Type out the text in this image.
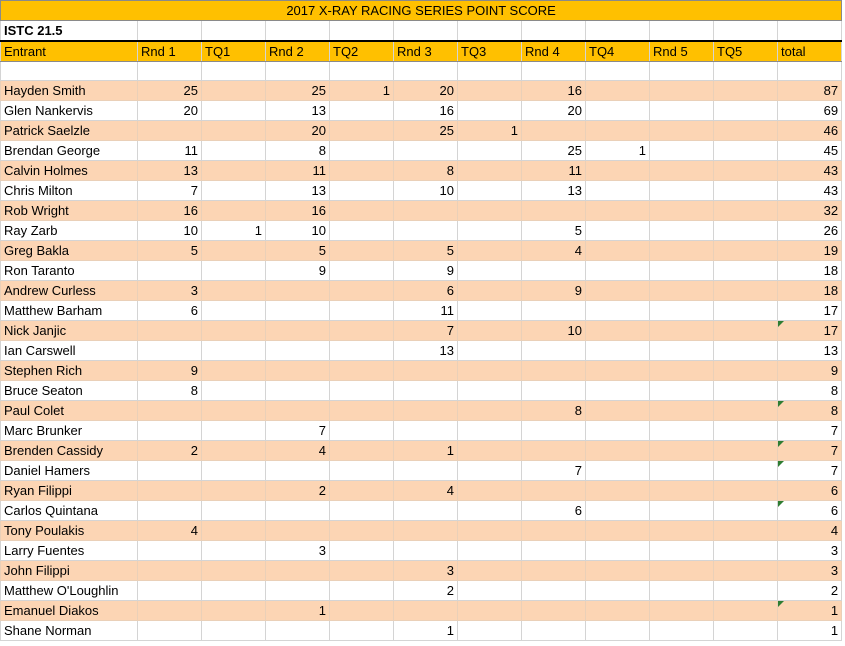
2017 X-RAY RACING SERIES POINT SCORE											
ISTC 21.5											
Entrant	Rnd 1	TQ1	Rnd 2	TQ2	Rnd 3	TQ3	Rnd 4	TQ4	Rnd 5	TQ5	total

Hayden Smith	25		25	1	20		16				87
Glen Nankervis	20		13		16		20				69
Patrick Saelzle			20		25	1					46
Brendan George	11		8				25	1			45
Calvin Holmes	13		11		8		11				43
Chris Milton	7		13		10		13				43
Rob Wright	16		16								32
Ray Zarb	10	1	10				5				26
Greg Bakla	5		5		5		4				19
Ron Taranto			9		9						18
Andrew Curless	3				6		9				18
Matthew Barham	6				11						17
Nick Janjic					7		10				17
Ian Carswell					13						13
Stephen Rich	9										9
Bruce Seaton	8										8
Paul Colet							8				8
Marc Brunker			7								7
Brenden Cassidy	2		4		1						7
Daniel Hamers							7				7
Ryan Filippi			2		4						6
Carlos Quintana							6				6
Tony Poulakis	4										4
Larry Fuentes			3								3
John Filippi					3						3
Matthew O'Loughlin					2						2
Emanuel Diakos			1								1
Shane Norman					1						1
